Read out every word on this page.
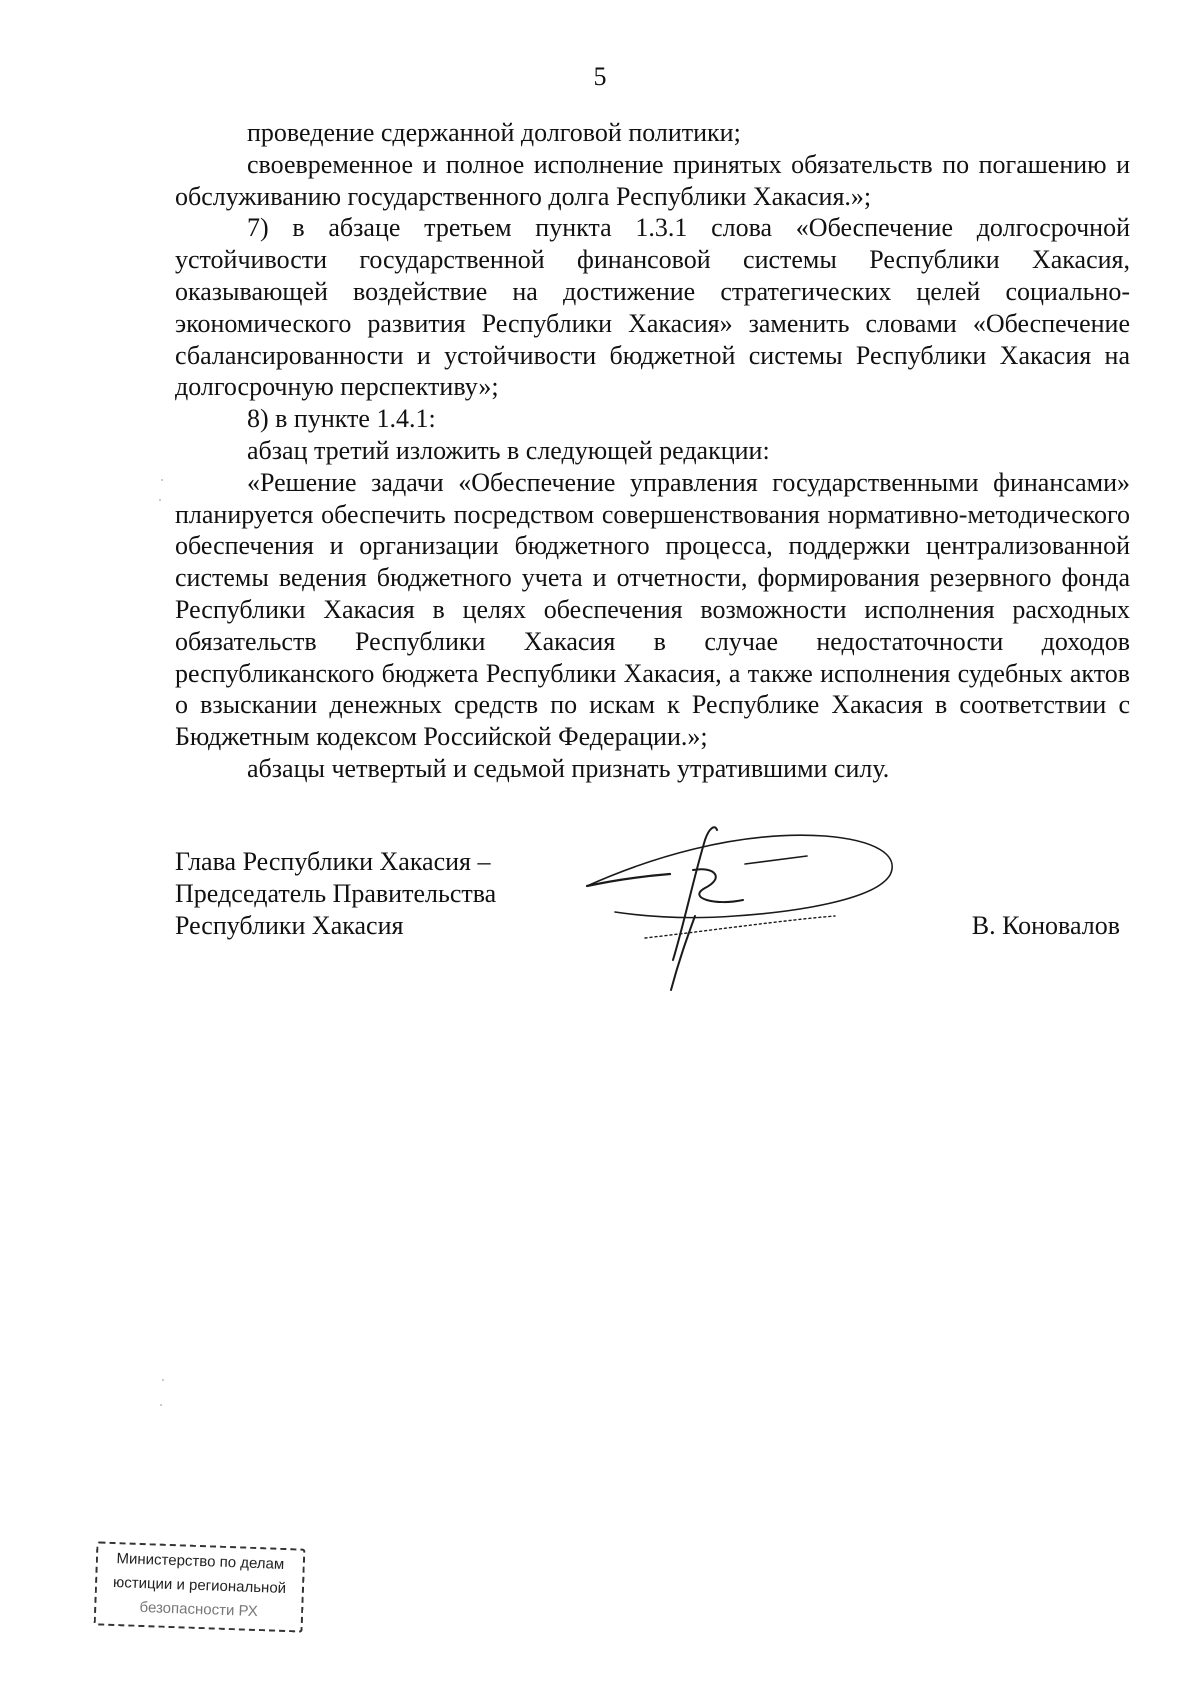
5

проведение сдержанной долговой политики;

своевременное и полное исполнение принятых обязательств по погашению и обслуживанию государственного долга Республики Хакасия.»;

7) в абзаце третьем пункта 1.3.1 слова «Обеспечение долгосрочной устойчивости государственной финансовой системы Республики Хакасия, оказывающей воздействие на достижение стратегических целей социально-экономического развития Республики Хакасия» заменить словами «Обеспечение сбалансированности и устойчивости бюджетной системы Республики Хакасия на долгосрочную перспективу»;

8) в пункте 1.4.1:

абзац третий изложить в следующей редакции:

«Решение задачи «Обеспечение управления государственными финансами» планируется обеспечить посредством совершенствования нормативно-методического обеспечения и организации бюджетного процесса, поддержки централизованной системы ведения бюджетного учета и отчетности, формирования резервного фонда Республики Хакасия в целях обеспечения возможности исполнения расходных обязательств Республики Хакасия в случае недостаточности доходов республиканского бюджета Республики Хакасия, а также исполнения судебных актов о взыскании денежных средств по искам к Республике Хакасия в соответствии с Бюджетным кодексом Российской Федерации.»;

абзацы четвертый и седьмой признать утратившими силу.

Глава Республики Хакасия –
Председатель Правительства
Республики Хакасия	В. Коновалов
Министерство по делам
юстиции и региональной
безопасности РХ
